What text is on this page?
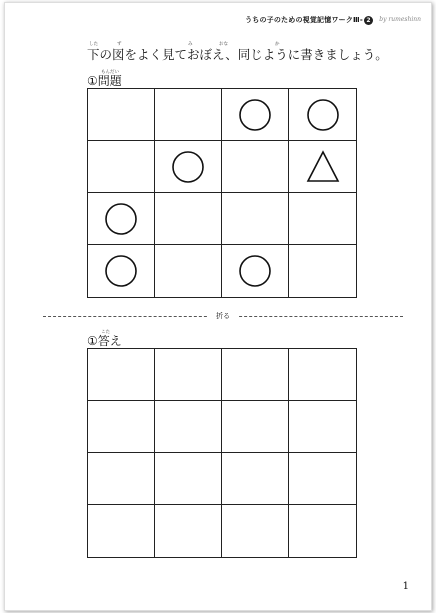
うちの子のための視覚記憶ワークⅢ- 2	by rumeshinn
した	ず	み	おな	か
下の図をよく見ておぼえ、同じように書きましょう。
もんだい
①問題
折る
こた
①答え
1
